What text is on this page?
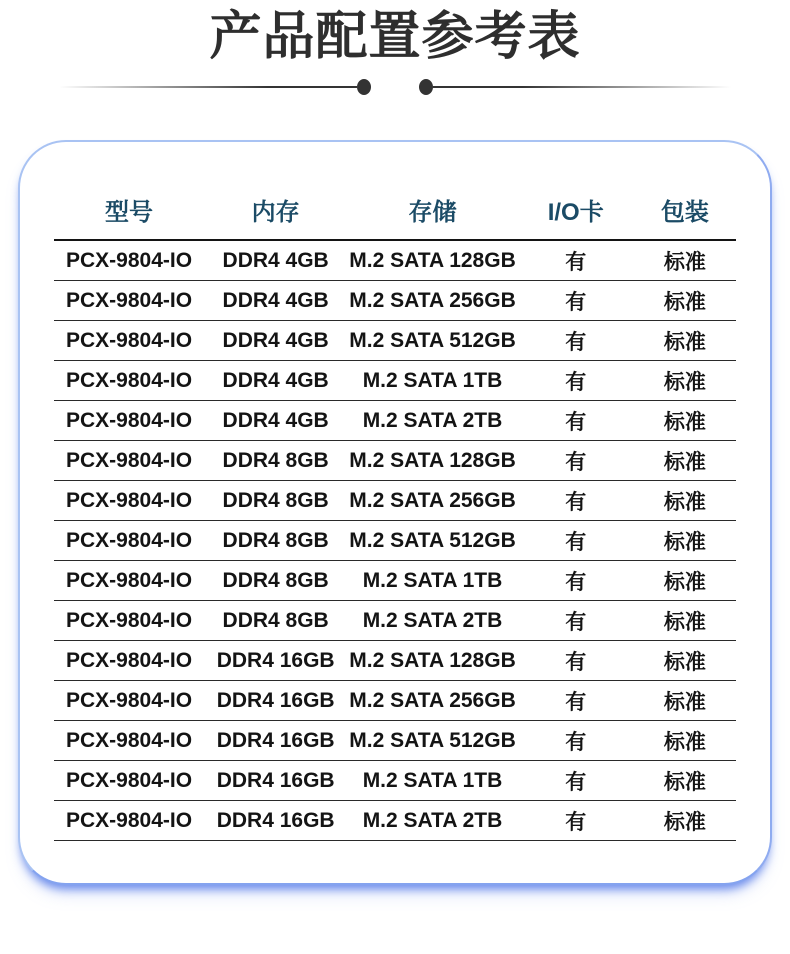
产品配置参考表
型号	内存	存储	I/O卡	包装
PCX-9804-IO	DDR4 4GB	M.2 SATA 128GB	有	标准
PCX-9804-IO	DDR4 4GB	M.2 SATA 256GB	有	标准
PCX-9804-IO	DDR4 4GB	M.2 SATA 512GB	有	标准
PCX-9804-IO	DDR4 4GB	M.2 SATA 1TB	有	标准
PCX-9804-IO	DDR4 4GB	M.2 SATA 2TB	有	标准
PCX-9804-IO	DDR4 8GB	M.2 SATA 128GB	有	标准
PCX-9804-IO	DDR4 8GB	M.2 SATA 256GB	有	标准
PCX-9804-IO	DDR4 8GB	M.2 SATA 512GB	有	标准
PCX-9804-IO	DDR4 8GB	M.2 SATA 1TB	有	标准
PCX-9804-IO	DDR4 8GB	M.2 SATA 2TB	有	标准
PCX-9804-IO	DDR4 16GB	M.2 SATA 128GB	有	标准
PCX-9804-IO	DDR4 16GB	M.2 SATA 256GB	有	标准
PCX-9804-IO	DDR4 16GB	M.2 SATA 512GB	有	标准
PCX-9804-IO	DDR4 16GB	M.2 SATA 1TB	有	标准
PCX-9804-IO	DDR4 16GB	M.2 SATA 2TB	有	标准
